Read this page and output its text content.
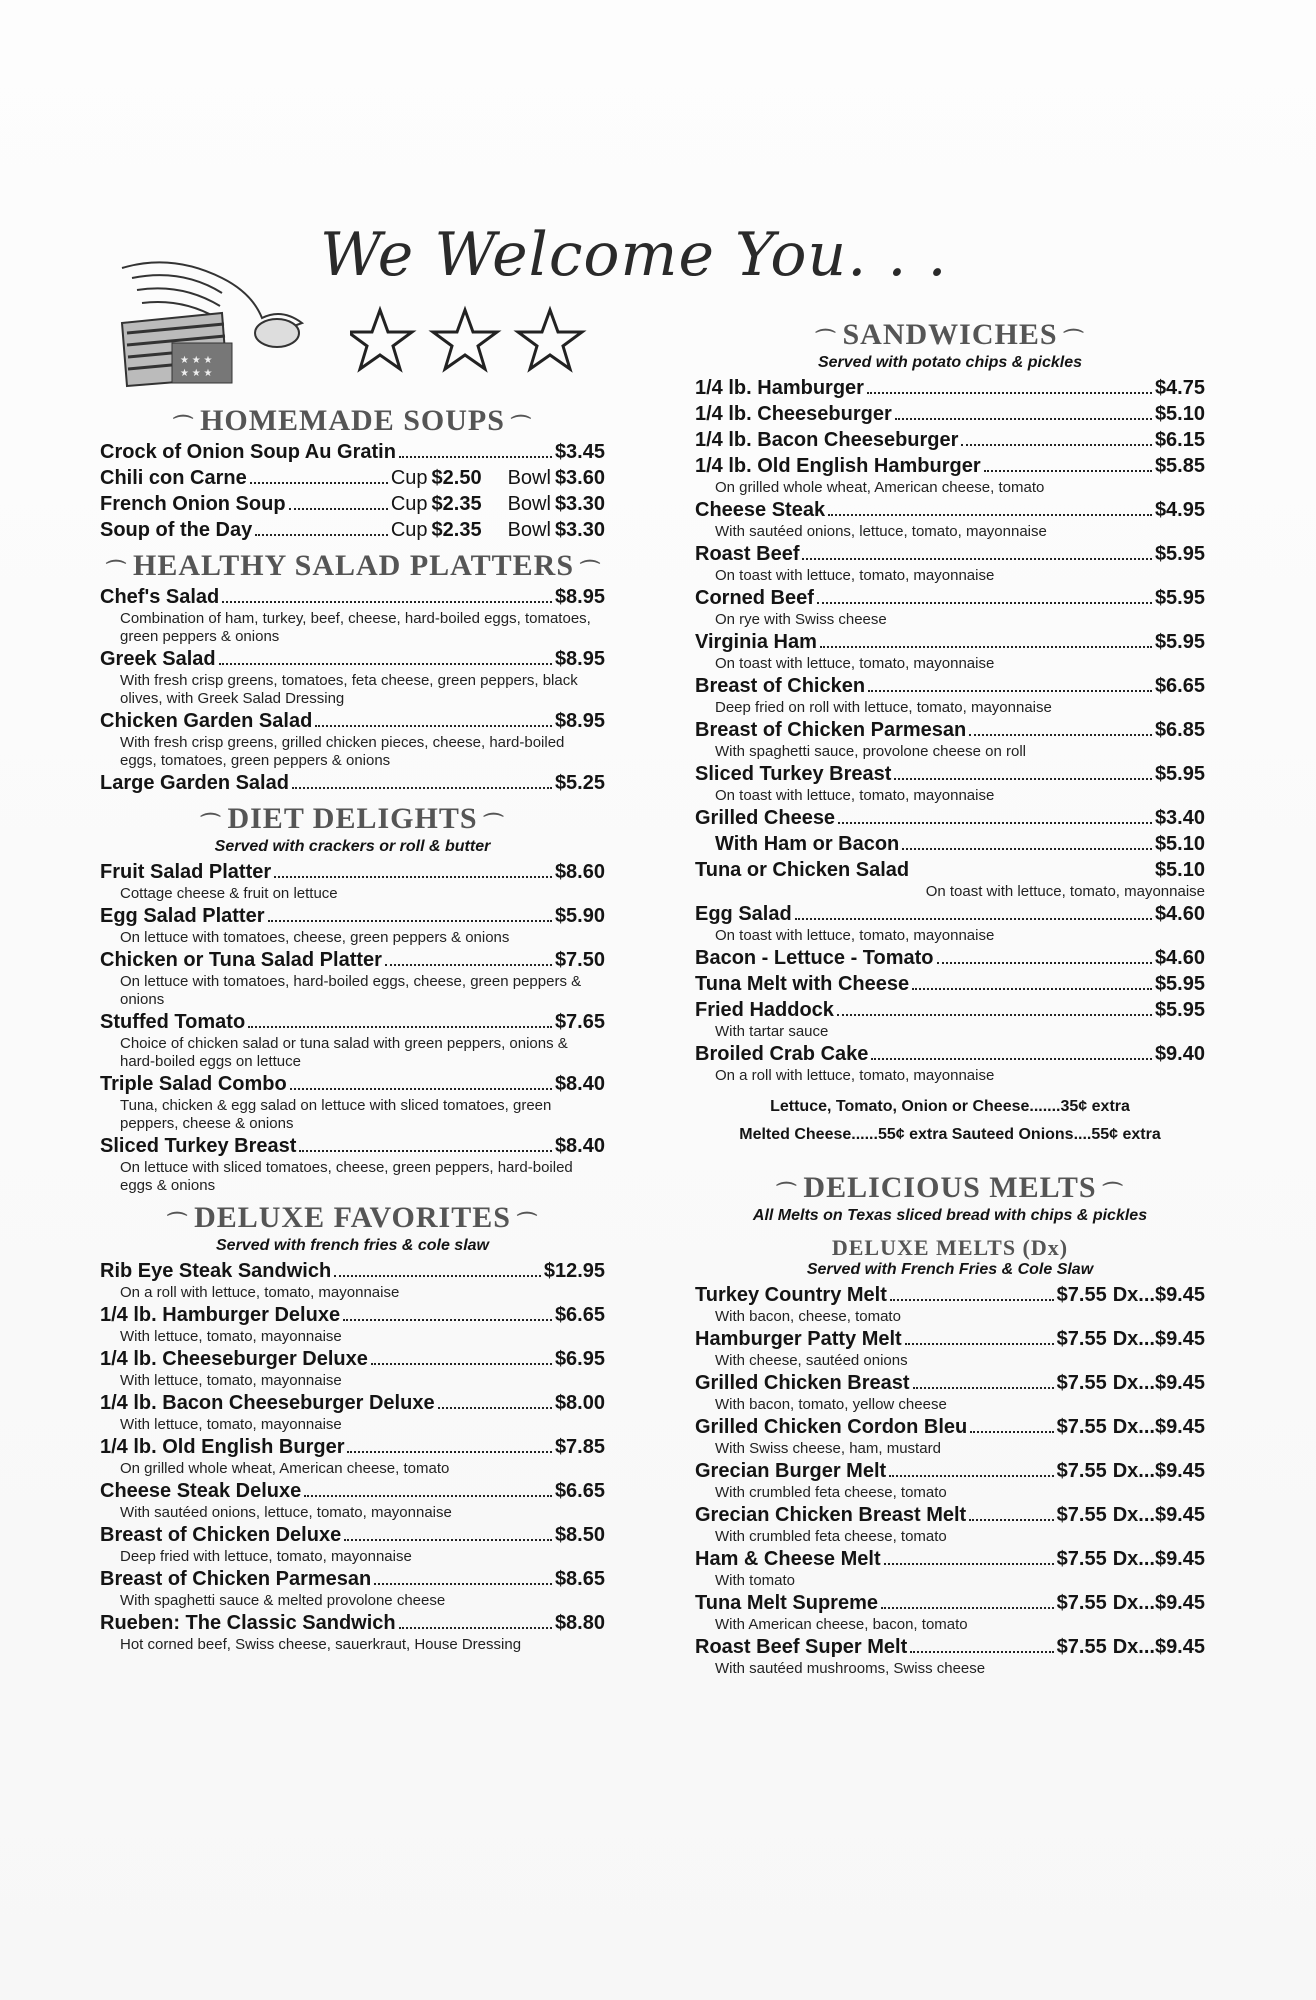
We Welcome You. . .
★ ★ ★
★ ★ ★
⌒ HOMEMADE SOUPS ⌒
Crock of Onion Soup Au Gratin	$3.45
Chili con Carne	Cup $2.50 Bowl $3.60
French Onion Soup	Cup $2.35 Bowl $3.30
Soup of the Day	Cup $2.35 Bowl $3.30
⌒ HEALTHY SALAD PLATTERS ⌒
Chef's Salad	$8.95
Combination of ham, turkey, beef, cheese, hard-boiled eggs, tomatoes, green peppers & onions
Greek Salad	$8.95
With fresh crisp greens, tomatoes, feta cheese, green peppers, black olives, with Greek Salad Dressing
Chicken Garden Salad	$8.95
With fresh crisp greens, grilled chicken pieces, cheese, hard-boiled eggs, tomatoes, green peppers & onions
Large Garden Salad	$5.25
⌒ DIET DELIGHTS ⌒
Served with crackers or roll & butter
Fruit Salad Platter	$8.60
Cottage cheese & fruit on lettuce
Egg Salad Platter	$5.90
On lettuce with tomatoes, cheese, green peppers & onions
Chicken or Tuna Salad Platter	$7.50
On lettuce with tomatoes, hard-boiled eggs, cheese, green peppers & onions
Stuffed Tomato	$7.65
Choice of chicken salad or tuna salad with green peppers, onions & hard-boiled eggs on lettuce
Triple Salad Combo	$8.40
Tuna, chicken & egg salad on lettuce with sliced tomatoes, green peppers, cheese & onions
Sliced Turkey Breast	$8.40
On lettuce with sliced tomatoes, cheese, green peppers, hard-boiled eggs & onions
⌒ DELUXE FAVORITES ⌒
Served with french fries & cole slaw
Rib Eye Steak Sandwich	$12.95
On a roll with lettuce, tomato, mayonnaise
1/4 lb. Hamburger Deluxe	$6.65
With lettuce, tomato, mayonnaise
1/4 lb. Cheeseburger Deluxe	$6.95
With lettuce, tomato, mayonnaise
1/4 lb. Bacon Cheeseburger Deluxe	$8.00
With lettuce, tomato, mayonnaise
1/4 lb. Old English Burger	$7.85
On grilled whole wheat, American cheese, tomato
Cheese Steak Deluxe	$6.65
With sautéed onions, lettuce, tomato, mayonnaise
Breast of Chicken Deluxe	$8.50
Deep fried with lettuce, tomato, mayonnaise
Breast of Chicken Parmesan	$8.65
With spaghetti sauce & melted provolone cheese
Rueben: The Classic Sandwich	$8.80
Hot corned beef, Swiss cheese, sauerkraut, House Dressing
⌒ SANDWICHES ⌒
Served with potato chips & pickles
1/4 lb. Hamburger	$4.75
1/4 lb. Cheeseburger	$5.10
1/4 lb. Bacon Cheeseburger	$6.15
1/4 lb. Old English Hamburger	$5.85
On grilled whole wheat, American cheese, tomato
Cheese Steak	$4.95
With sautéed onions, lettuce, tomato, mayonnaise
Roast Beef	$5.95
On toast with lettuce, tomato, mayonnaise
Corned Beef	$5.95
On rye with Swiss cheese
Virginia Ham	$5.95
On toast with lettuce, tomato, mayonnaise
Breast of Chicken	$6.65
Deep fried on roll with lettuce, tomato, mayonnaise
Breast of Chicken Parmesan	$6.85
With spaghetti sauce, provolone cheese on roll
Sliced Turkey Breast	$5.95
On toast with lettuce, tomato, mayonnaise
Grilled Cheese	$3.40
With Ham or Bacon	$5.10
Tuna or Chicken Salad	$5.10
On toast with lettuce, tomato, mayonnaise
Egg Salad	$4.60
On toast with lettuce, tomato, mayonnaise
Bacon - Lettuce - Tomato	$4.60
Tuna Melt with Cheese	$5.95
Fried Haddock	$5.95
With tartar sauce
Broiled Crab Cake	$9.40
On a roll with lettuce, tomato, mayonnaise
Lettuce, Tomato, Onion or Cheese.......35¢ extra
Melted Cheese......55¢ extra Sauteed Onions....55¢ extra
⌒ DELICIOUS MELTS ⌒
All Melts on Texas sliced bread with chips & pickles
DELUXE MELTS (Dx)
Served with French Fries & Cole Slaw
Turkey Country Melt	$7.55 Dx...$9.45
With bacon, cheese, tomato
Hamburger Patty Melt	$7.55 Dx...$9.45
With cheese, sautéed onions
Grilled Chicken Breast	$7.55 Dx...$9.45
With bacon, tomato, yellow cheese
Grilled Chicken Cordon Bleu	$7.55 Dx...$9.45
With Swiss cheese, ham, mustard
Grecian Burger Melt	$7.55 Dx...$9.45
With crumbled feta cheese, tomato
Grecian Chicken Breast Melt	$7.55 Dx...$9.45
With crumbled feta cheese, tomato
Ham & Cheese Melt	$7.55 Dx...$9.45
With tomato
Tuna Melt Supreme	$7.55 Dx...$9.45
With American cheese, bacon, tomato
Roast Beef Super Melt	$7.55 Dx...$9.45
With sautéed mushrooms, Swiss cheese
